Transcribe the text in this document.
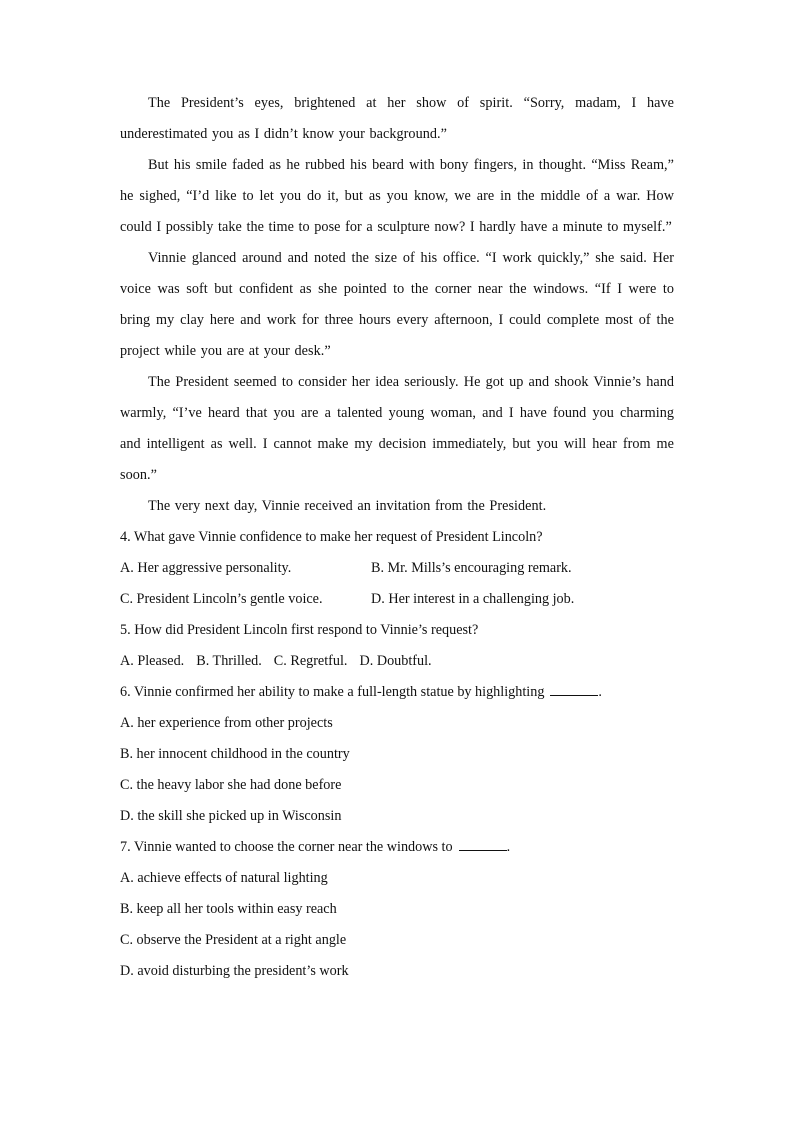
The President’s eyes, brightened at her show of spirit. “Sorry, madam, I have underestimated you as I didn’t know your background.”

But his smile faded as he rubbed his beard with bony fingers, in thought. “Miss Ream,” he sighed, “I’d like to let you do it, but as you know, we are in the middle of a war. How could I possibly take the time to pose for a sculpture now? I hardly have a minute to myself.”

Vinnie glanced around and noted the size of his office. “I work quickly,” she said. Her voice was soft but confident as she pointed to the corner near the windows. “If I were to bring my clay here and work for three hours every afternoon, I could complete most of the project while you are at your desk.”

The President seemed to consider her idea seriously. He got up and shook Vinnie’s hand warmly, “I’ve heard that you are a talented young woman, and I have found you charming and intelligent as well. I cannot make my decision immediately, but you will hear from me soon.”

The very next day, Vinnie received an invitation from the President.

4. What gave Vinnie confidence to make her request of President Lincoln?

A. Her aggressive personality.	B. Mr. Mills’s encouraging remark.
C. President Lincoln’s gentle voice.	D. Her interest in a challenging job.

5. How did President Lincoln first respond to Vinnie’s request?

A. Pleased. B. Thrilled. C. Regretful. D. Doubtful.

6. Vinnie confirmed her ability to make a full-length statue by highlighting	.

A. her experience from other projects

B. her innocent childhood in the country

C. the heavy labor she had done before

D. the skill she picked up in Wisconsin

7. Vinnie wanted to choose the corner near the windows to	.

A. achieve effects of natural lighting

B. keep all her tools within easy reach

C. observe the President at a right angle

D. avoid disturbing the president’s work
